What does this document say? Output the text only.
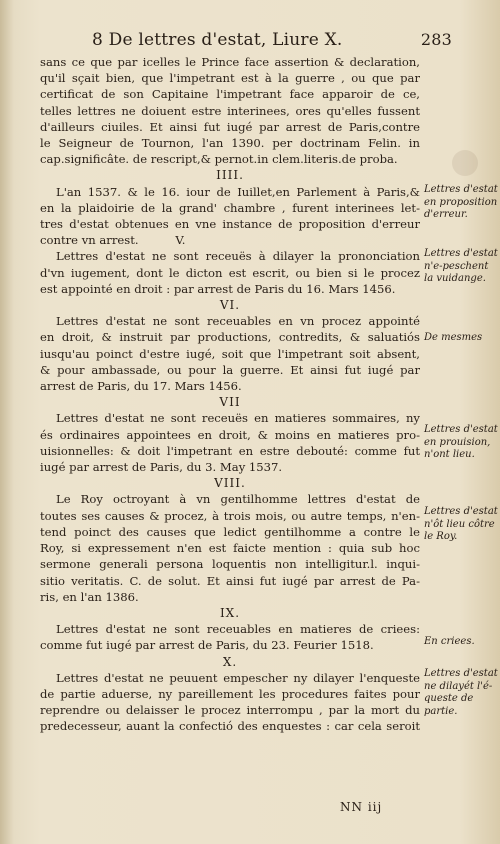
8 De lettres d'estat, Liure X.	283
sans ce que par icelles le Prince face assertion & declaration,
qu'il sçait bien, que l'impetrant est à la guerre , ou que par
certificat de son Capitaine l'impetrant face apparoir de ce,
telles lettres ne doiuent estre interinees, ores qu'elles fussent
d'ailleurs ciuiles. Et ainsi fut iugé par arrest de Paris,contre
le Seigneur de Tournon, l'an 1390. per doctrinam Felin. in
cap.significâte. de rescript,& pernot.in clem.literis.de proba.
IIII.
L'an 1537. & le 16. iour de Iuillet,en Parlement à Paris,&
en la plaidoirie de la grand' chambre , furent interinees let-
tres d'estat obtenues en vne instance de proposition d'erreur
contre vn arrest.          V.
Lettres d'estat ne sont receuës à dilayer la prononciation
d'vn iugement, dont le dicton est escrit, ou bien si le procez
est appointé en droit : par arrest de Paris du 16. Mars 1456.
VI.
Lettres d'estat ne sont receuables en vn procez appointé
en droit, & instruit par productions, contredits, & saluatiós
iusqu'au poinct d'estre iugé, soit que l'impetrant soit absent,
& pour ambassade, ou pour la guerre. Et ainsi fut iugé par
arrest de Paris, du 17. Mars 1456.
VII
Lettres d'estat ne sont receuës en matieres sommaires, ny
és ordinaires appointees en droit, & moins en matieres pro-
uisionnelles: & doit l'impetrant en estre debouté: comme fut
iugé par arrest de Paris, du 3. May 1537.
VIII.
Le Roy octroyant à vn gentilhomme lettres d'estat de
toutes ses causes & procez, à trois mois, ou autre temps, n'en-
tend poinct des causes que ledict gentilhomme a contre le
Roy, si expressement n'en est faicte mention : quia sub hoc
sermone generali persona loquentis non intelligitur.l. inqui-
sitio veritatis. C. de solut. Et ainsi fut iugé par arrest de Pa-
ris, en l'an 1386.
IX.
Lettres d'estat ne sont receuables en matieres de criees:
comme fut iugé par arrest de Paris, du 23. Feurier 1518.
X.
Lettres d'estat ne peuuent empescher ny dilayer l'enqueste
de partie aduerse, ny pareillement les procedures faites pour
reprendre ou delaisser le procez interrompu , par la mort du
predecesseur, auant la confectió des enquestes : car cela seroit
Lettres d'estat en proposition d'erreur.
Lettres d'estat n'e-peschent la vuidange.
De mesmes
Lettres d'estat en prouision, n'ont lieu.
Lettres d'estat n'ôt lieu côtre le Roy.
En criees.
Lettres d'estat ne dilayét l'é-queste de partie.
NN iij
